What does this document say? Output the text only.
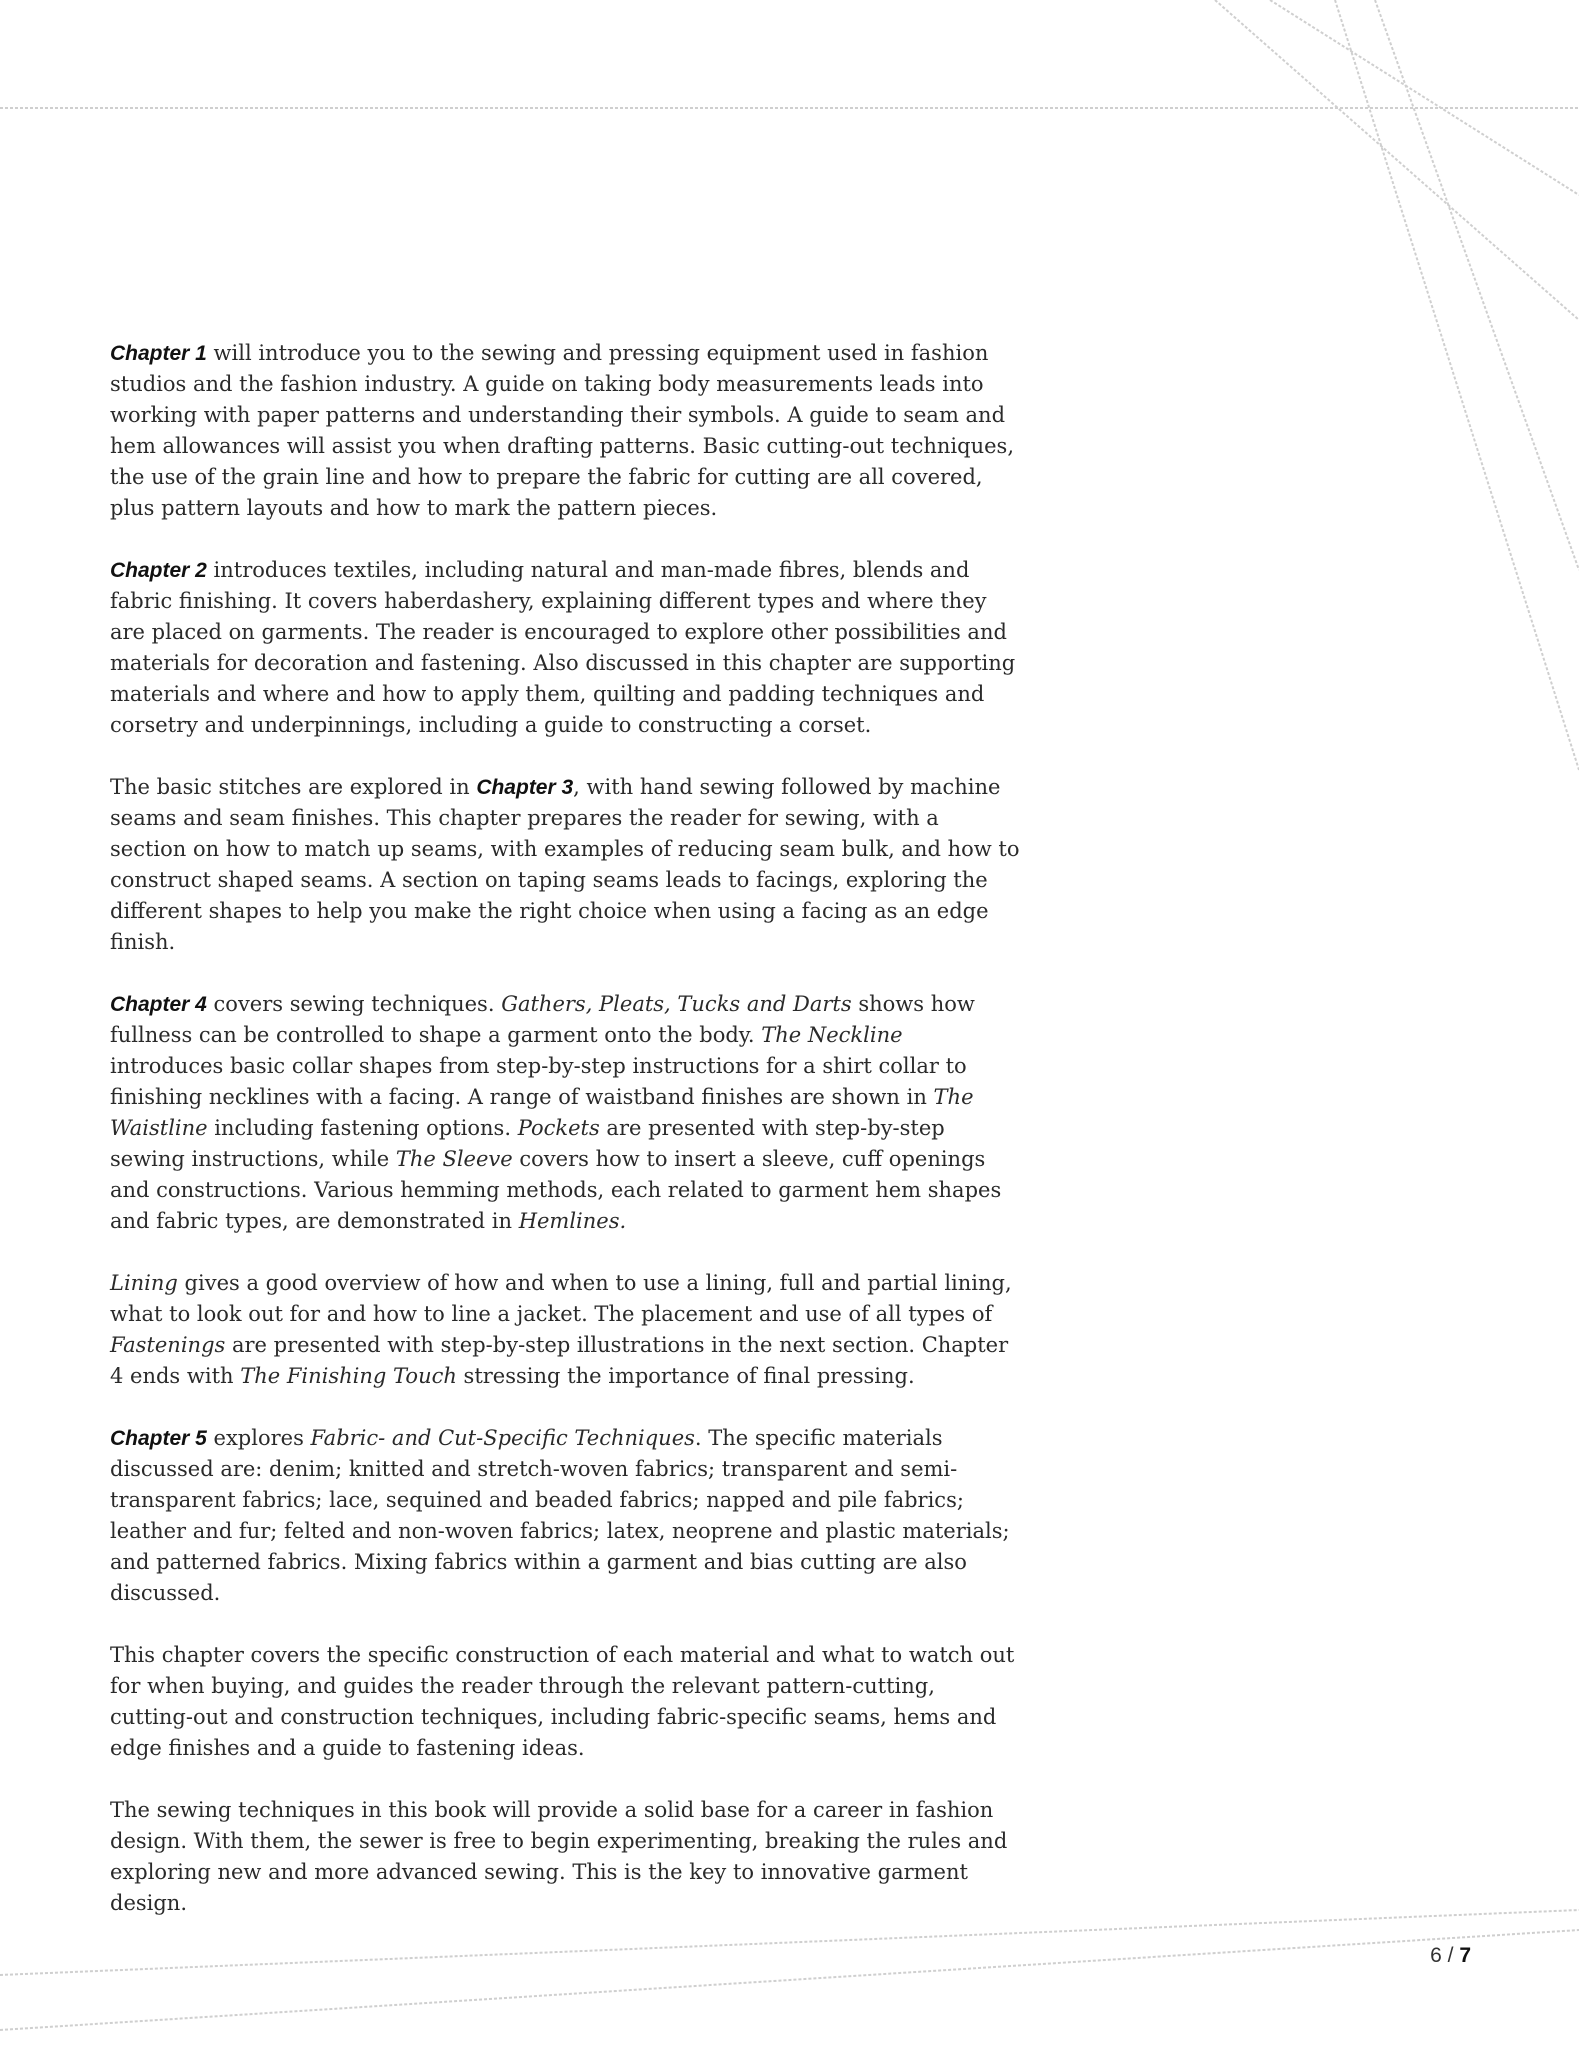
Chapter 1 will introduce you to the sewing and pressing equipment used in fashion studios and the fashion industry. A guide on taking body measurements leads into working with paper patterns and understanding their symbols. A guide to seam and hem allowances will assist you when drafting patterns. Basic cutting-out techniques, the use of the grain line and how to prepare the fabric for cutting are all covered, plus pattern layouts and how to mark the pattern pieces.

Chapter 2 introduces textiles, including natural and man-made fibres, blends and fabric finishing. It covers haberdashery, explaining different types and where they are placed on garments. The reader is encouraged to explore other possibilities and materials for decoration and fastening. Also discussed in this chapter are supporting materials and where and how to apply them, quilting and padding techniques and corsetry and underpinnings, including a guide to constructing a corset.

The basic stitches are explored in Chapter 3, with hand sewing followed by machine seams and seam finishes. This chapter prepares the reader for sewing, with a section on how to match up seams, with examples of reducing seam bulk, and how to construct shaped seams. A section on taping seams leads to facings, exploring the different shapes to help you make the right choice when using a facing as an edge finish.

Chapter 4 covers sewing techniques. Gathers, Pleats, Tucks and Darts shows how fullness can be controlled to shape a garment onto the body. The Neckline introduces basic collar shapes from step-by-step instructions for a shirt collar to finishing necklines with a facing. A range of waistband finishes are shown in The Waistline including fastening options. Pockets are presented with step-by-step sewing instructions, while The Sleeve covers how to insert a sleeve, cuff openings and constructions. Various hemming methods, each related to garment hem shapes and fabric types, are demonstrated in Hemlines.

Lining gives a good overview of how and when to use a lining, full and partial lining, what to look out for and how to line a jacket. The placement and use of all types of Fastenings are presented with step-by-step illustrations in the next section. Chapter 4 ends with The Finishing Touch stressing the importance of final pressing.

Chapter 5 explores Fabric- and Cut-Specific Techniques. The specific materials discussed are: denim; knitted and stretch-woven fabrics; transparent and semi-transparent fabrics; lace, sequined and beaded fabrics; napped and pile fabrics; leather and fur; felted and non-woven fabrics; latex, neoprene and plastic materials; and patterned fabrics. Mixing fabrics within a garment and bias cutting are also discussed.

This chapter covers the specific construction of each material and what to watch out for when buying, and guides the reader through the relevant pattern-cutting, cutting-out and construction techniques, including fabric-specific seams, hems and edge finishes and a guide to fastening ideas.

The sewing techniques in this book will provide a solid base for a career in fashion design. With them, the sewer is free to begin experimenting, breaking the rules and exploring new and more advanced sewing. This is the key to innovative garment design.

6 / 7
